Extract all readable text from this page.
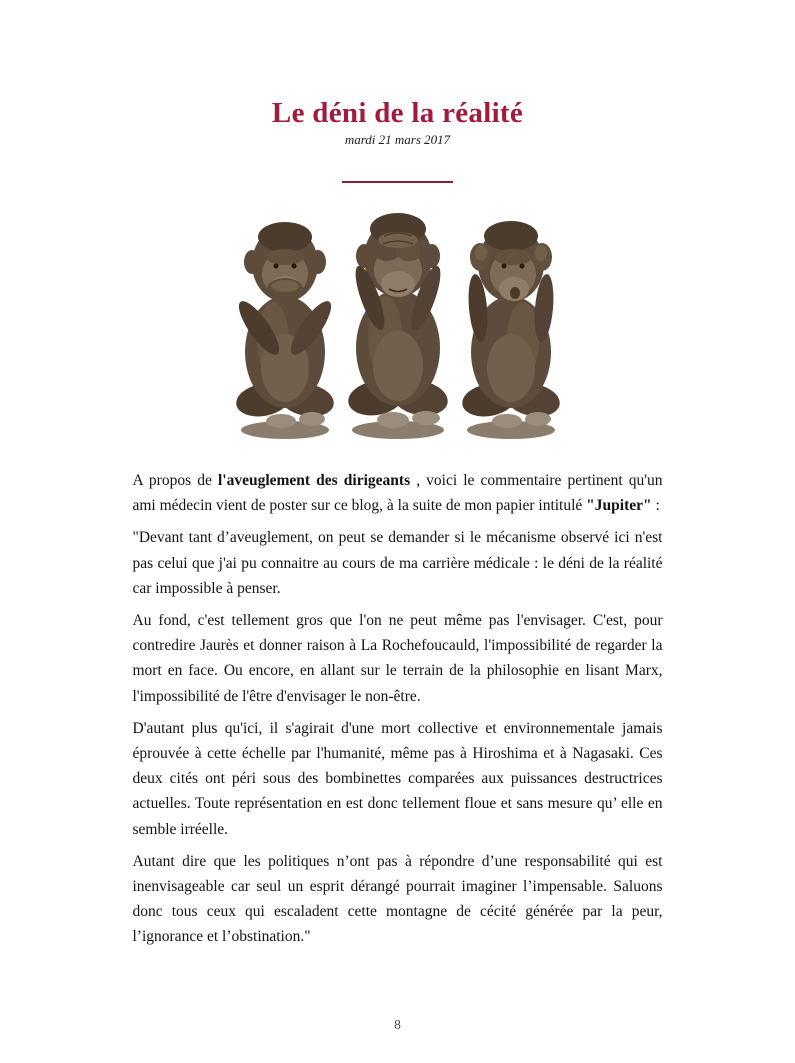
Le déni de la réalité
mardi 21 mars 2017

A propos de l'aveuglement des dirigeants , voici le commentaire pertinent qu'un ami médecin vient de poster sur ce blog, à la suite de mon papier intitulé "Jupiter" :

"Devant tant d’aveuglement, on peut se demander si le mécanisme observé ici n'est pas celui que j'ai pu connaitre au cours de ma carrière médicale : le déni de la réalité car impossible à penser.

Au fond, c'est tellement gros que l'on ne peut même pas l'envisager. C'est, pour contredire Jaurès et donner raison à La Rochefoucauld, l'impossibilité de regarder la mort en face. Ou encore, en allant sur le terrain de la philosophie en lisant Marx, l'impossibilité de l'être d'envisager le non-être.

D'autant plus qu'ici, il s'agirait d'une mort collective et environnementale jamais éprouvée à cette échelle par l'humanité, même pas à Hiroshima et à Nagasaki. Ces deux cités ont péri sous des bombinettes comparées aux puissances destructrices actuelles. Toute représentation en est donc tellement floue et sans mesure qu’ elle en semble irréelle.

Autant dire que les politiques n’ont pas à répondre d’une responsabilité qui est inenvisageable car seul un esprit dérangé pourrait imaginer l’impensable. Saluons donc tous ceux qui escaladent cette montagne de cécité générée par la peur, l’ignorance et l’obstination."

8
